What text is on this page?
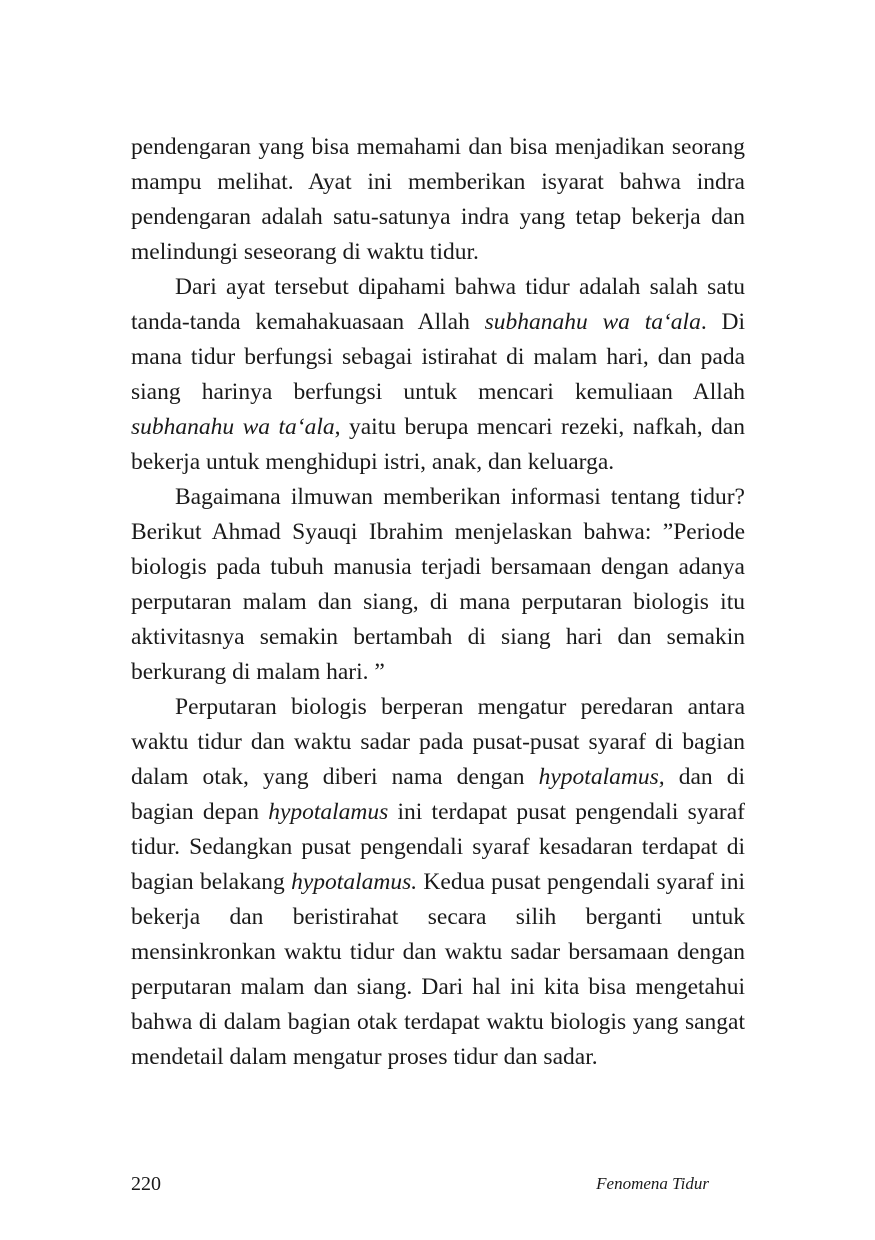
pendengaran yang bisa memahami dan bisa menjadikan seorang mampu melihat. Ayat ini memberikan isyarat bahwa indra pendengaran adalah satu-satunya indra yang tetap bekerja dan melindungi seseorang di waktu tidur.

Dari ayat tersebut dipahami bahwa tidur adalah salah satu tanda-tanda kemahakuasaan Allah subhanahu wa ta‘ala. Di mana tidur berfungsi sebagai istirahat di malam hari, dan pada siang harinya berfungsi untuk mencari kemuliaan Allah subhanahu wa ta‘ala, yaitu berupa mencari rezeki, nafkah, dan bekerja untuk menghidupi istri, anak, dan keluarga.

Bagaimana ilmuwan memberikan informasi tentang tidur? Berikut Ahmad Syauqi Ibrahim menjelaskan bahwa: ”Periode biologis pada tubuh manusia terjadi bersamaan dengan adanya perputaran malam dan siang, di mana perputaran biologis itu aktivitasnya semakin bertambah di siang hari dan semakin berkurang di malam hari. ”

Perputaran biologis berperan mengatur peredaran antara waktu tidur dan waktu sadar pada pusat-pusat syaraf di bagian dalam otak, yang diberi nama dengan hypotalamus, dan di bagian depan hypotalamus ini terdapat pusat pengendali syaraf tidur. Sedangkan pusat pengendali syaraf kesadaran terdapat di bagian belakang hypotalamus. Kedua pusat pengendali syaraf ini bekerja dan beristirahat secara silih berganti untuk mensinkronkan waktu tidur dan waktu sadar bersamaan dengan perputaran malam dan siang. Dari hal ini kita bisa mengetahui bahwa di dalam bagian otak terdapat waktu biologis yang sangat mendetail dalam mengatur proses tidur dan sadar.

220	Fenomena Tidur
